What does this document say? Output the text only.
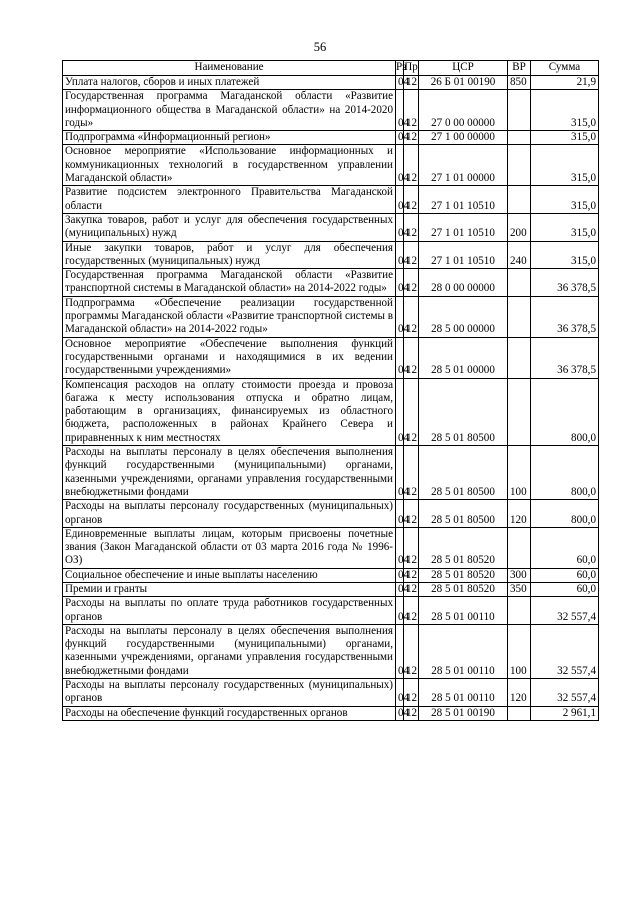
56
Наименование	Рз	Пр	ЦСР	ВР	Сумма
Уплата налогов, сборов и иных платежей	04	12	26 Б 01 00190	850	21,9
Государственная программа Магаданской области «Развитие информационного общества в Магаданской области» на 2014-2020 годы»	04	12	27 0 00 00000		315,0
Подпрограмма «Информационный регион»	04	12	27 1 00 00000		315,0
Основное мероприятие «Использование информационных и коммуникационных технологий в государственном управлении Магаданской области»	04	12	27 1 01 00000		315,0
Развитие подсистем электронного Правительства Магаданской области	04	12	27 1 01 10510		315,0
Закупка товаров, работ и услуг для обеспечения государственных (муниципальных) нужд	04	12	27 1 01 10510	200	315,0
Иные закупки товаров, работ и услуг для обеспечения государственных (муниципальных) нужд	04	12	27 1 01 10510	240	315,0
Государственная программа Магаданской области «Развитие транспортной системы в Магаданской области» на 2014-2022 годы»	04	12	28 0 00 00000		36 378,5
Подпрограмма «Обеспечение реализации государственной программы Магаданской области «Развитие транспортной системы в Магаданской области» на 2014-2022 годы»	04	12	28 5 00 00000		36 378,5
Основное мероприятие «Обеспечение выполнения функций государственными органами и находящимися в их ведении государственными учреждениями»	04	12	28 5 01 00000		36 378,5
Компенсация расходов на оплату стоимости проезда и провоза багажа к месту использования отпуска и обратно лицам, работающим в организациях, финансируемых из областного бюджета, расположенных в районах Крайнего Севера и приравненных к ним местностях	04	12	28 5 01 80500		800,0
Расходы на выплаты персоналу в целях обеспечения выполнения функций государственными (муниципальными) органами, казенными учреждениями, органами управления государственными внебюджетными фондами	04	12	28 5 01 80500	100	800,0
Расходы на выплаты персоналу государственных (муниципальных) органов	04	12	28 5 01 80500	120	800,0
Единовременные выплаты лицам, которым присвоены почетные звания (Закон Магаданской области от 03 марта 2016 года № 1996-ОЗ)	04	12	28 5 01 80520		60,0
Социальное обеспечение и иные выплаты населению	04	12	28 5 01 80520	300	60,0
Премии и гранты	04	12	28 5 01 80520	350	60,0
Расходы на выплаты по оплате труда работников государственных органов	04	12	28 5 01 00110		32 557,4
Расходы на выплаты персоналу в целях обеспечения выполнения функций государственными (муниципальными) органами, казенными учреждениями, органами управления государственными внебюджетными фондами	04	12	28 5 01 00110	100	32 557,4
Расходы на выплаты персоналу государственных (муниципальных) органов	04	12	28 5 01 00110	120	32 557,4
Расходы на обеспечение функций государственных органов	04	12	28 5 01 00190		2 961,1
